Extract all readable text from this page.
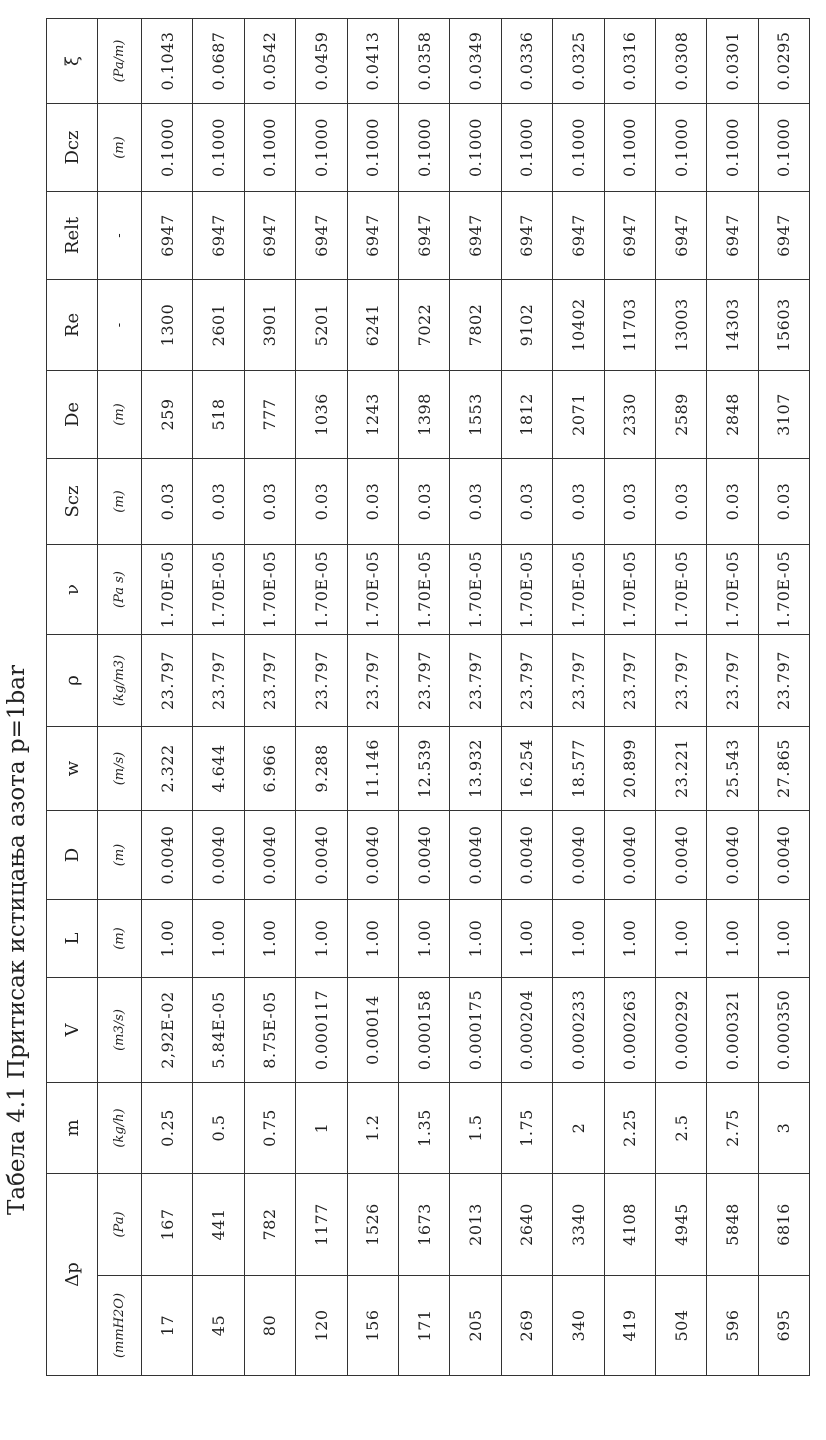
Табела 4.1 Притисак истицања азота p=1bar
Δp		m	V	L	D	w	ρ	ν	Scz	De	Re	Relt	Dcz	ξ
(mmH2O)	(Pa)	(kg/h)	(m3/s)	(m)	(m)	(m/s)	(kg/m3)	(Pa s)	(m)	(m)	-	-	(m)	(Pa/m)
17	167	0.25	2,92E-02	1.00	0.0040	2.322	23.797	1.70E-05	0.03	259	1300	6947	0.1000	0.1043
45	441	0.5	5.84E-05	1.00	0.0040	4.644	23.797	1.70E-05	0.03	518	2601	6947	0.1000	0.0687
80	782	0.75	8.75E-05	1.00	0.0040	6.966	23.797	1.70E-05	0.03	777	3901	6947	0.1000	0.0542
120	1177	1	0.000117	1.00	0.0040	9.288	23.797	1.70E-05	0.03	1036	5201	6947	0.1000	0.0459
156	1526	1.2	0.00014	1.00	0.0040	11.146	23.797	1.70E-05	0.03	1243	6241	6947	0.1000	0.0413
171	1673	1.35	0.000158	1.00	0.0040	12.539	23.797	1.70E-05	0.03	1398	7022	6947	0.1000	0.0358
205	2013	1.5	0.000175	1.00	0.0040	13.932	23.797	1.70E-05	0.03	1553	7802	6947	0.1000	0.0349
269	2640	1.75	0.000204	1.00	0.0040	16.254	23.797	1.70E-05	0.03	1812	9102	6947	0.1000	0.0336
340	3340	2	0.000233	1.00	0.0040	18.577	23.797	1.70E-05	0.03	2071	10402	6947	0.1000	0.0325
419	4108	2.25	0.000263	1.00	0.0040	20.899	23.797	1.70E-05	0.03	2330	11703	6947	0.1000	0.0316
504	4945	2.5	0.000292	1.00	0.0040	23.221	23.797	1.70E-05	0.03	2589	13003	6947	0.1000	0.0308
596	5848	2.75	0.000321	1.00	0.0040	25.543	23.797	1.70E-05	0.03	2848	14303	6947	0.1000	0.0301
695	6816	3	0.000350	1.00	0.0040	27.865	23.797	1.70E-05	0.03	3107	15603	6947	0.1000	0.0295
